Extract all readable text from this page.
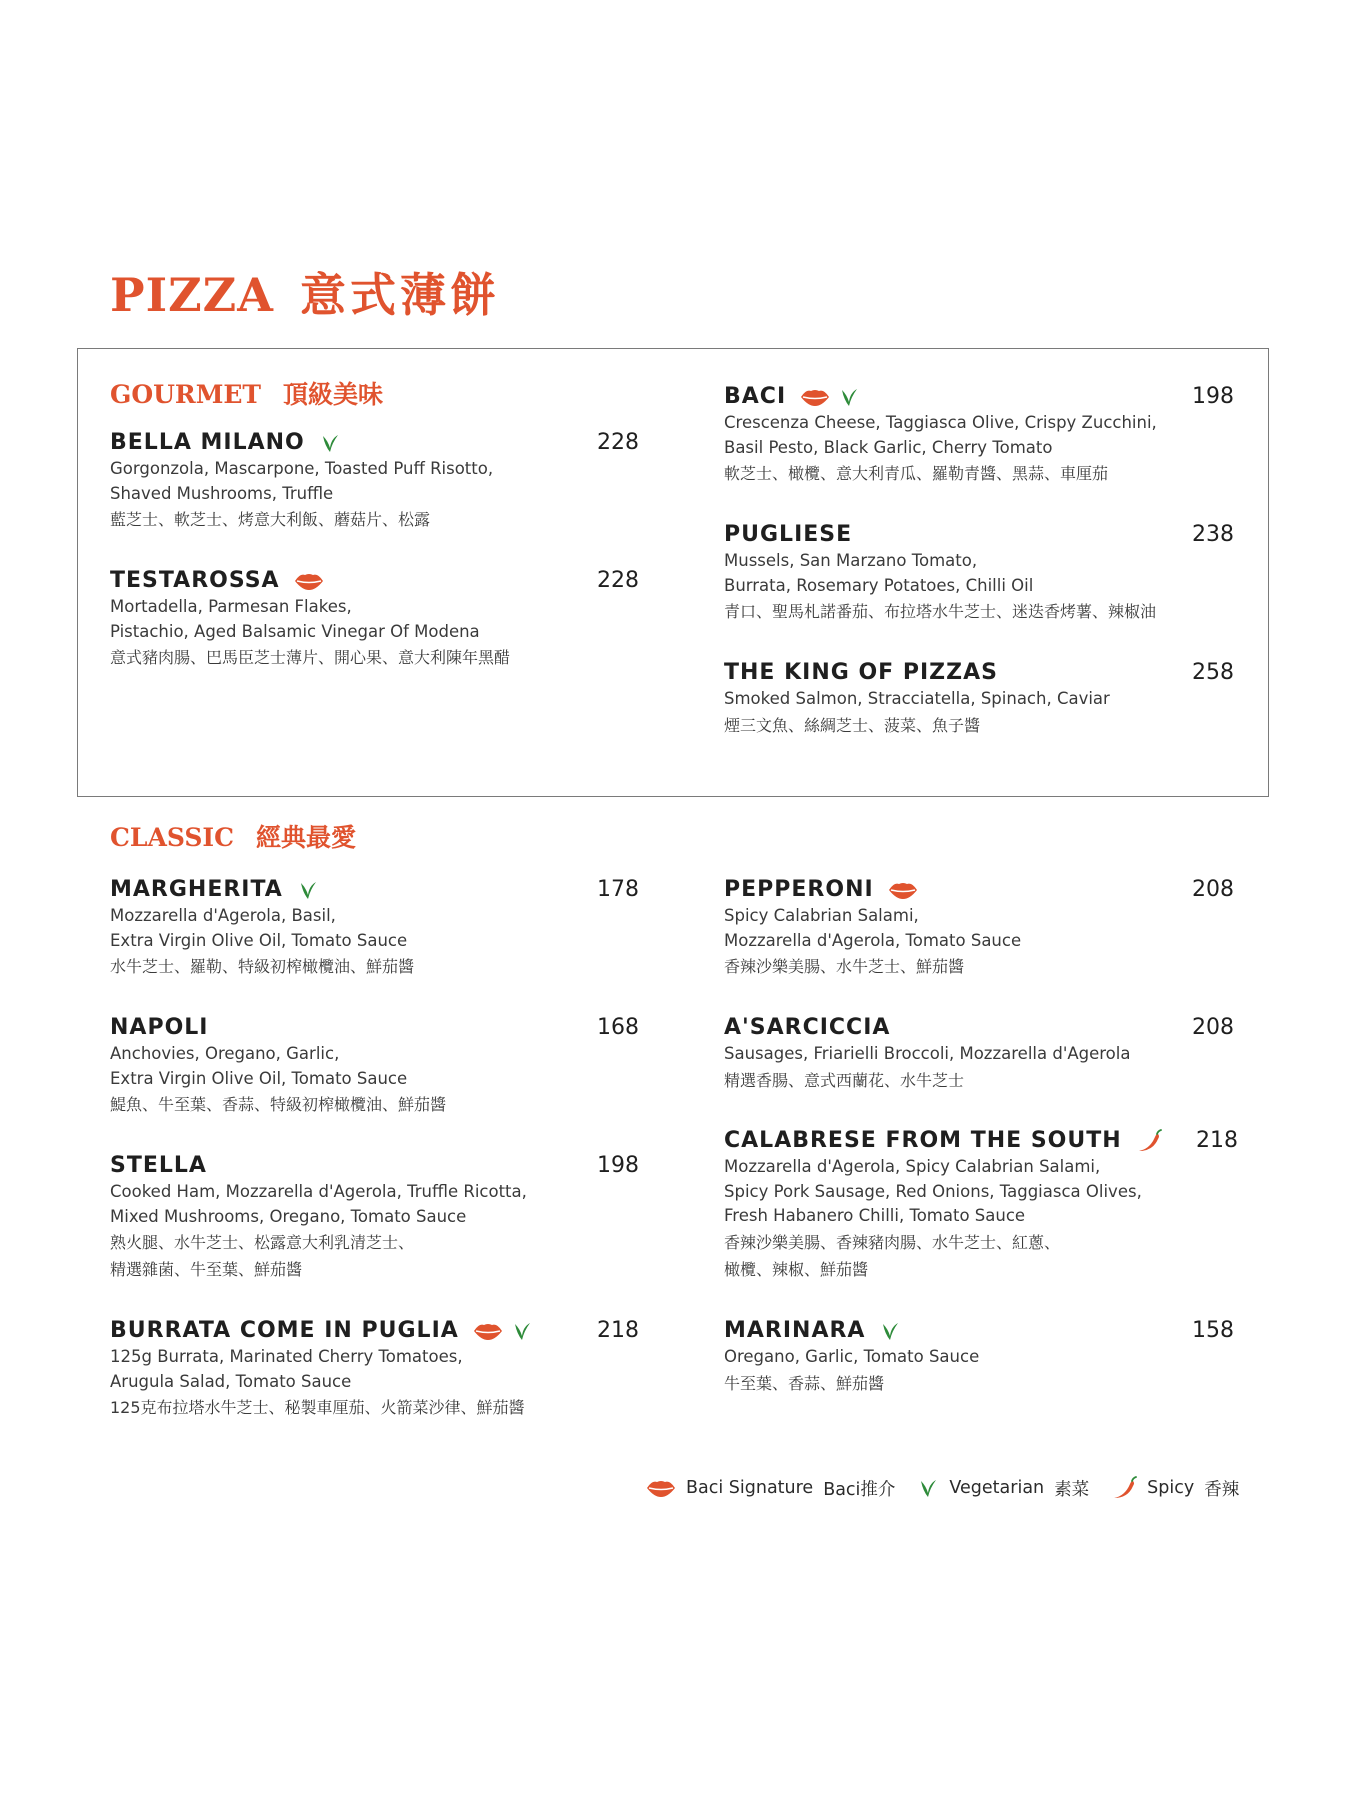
PIZZA 意式薄餅
GOURMET 頂級美味
BELLA MILANO	228

Gorgonzola, Mascarpone, Toasted Puff Risotto,

Shaved Mushrooms, Truffle

藍芝士、軟芝士、烤意大利飯、蘑菇片、松露

TESTAROSSA	228

Mortadella, Parmesan Flakes,

Pistachio, Aged Balsamic Vinegar Of Modena

意式豬肉腸、巴馬臣芝士薄片、開心果、意大利陳年黑醋

BACI	198

Crescenza Cheese, Taggiasca Olive, Crispy Zucchini,

Basil Pesto, Black Garlic, Cherry Tomato

軟芝士、橄欖、意大利青瓜、羅勒青醬、黑蒜、車厘茄

PUGLIESE	238

Mussels, San Marzano Tomato,

Burrata, Rosemary Potatoes, Chilli Oil

青口、聖馬札諾番茄、布拉塔水牛芝士、迷迭香烤薯、辣椒油

THE KING OF PIZZAS	258

Smoked Salmon, Stracciatella, Spinach, Caviar

煙三文魚、絲綢芝士、菠菜、魚子醬

CLASSIC 經典最愛
MARGHERITA	178

Mozzarella d'Agerola, Basil,

Extra Virgin Olive Oil, Tomato Sauce

水牛芝士、羅勒、特級初榨橄欖油、鮮茄醬

NAPOLI	168

Anchovies, Oregano, Garlic,

Extra Virgin Olive Oil, Tomato Sauce

鯷魚、牛至葉、香蒜、特級初榨橄欖油、鮮茄醬

STELLA	198

Cooked Ham, Mozzarella d'Agerola, Truffle Ricotta,

Mixed Mushrooms, Oregano, Tomato Sauce

熟火腿、水牛芝士、松露意大利乳清芝士、

精選雜菌、牛至葉、鮮茄醬

BURRATA COME IN PUGLIA	218

125g Burrata, Marinated Cherry Tomatoes,

Arugula Salad, Tomato Sauce

125克布拉塔水牛芝士、秘製車厘茄、火箭菜沙律、鮮茄醬

PEPPERONI	208

Spicy Calabrian Salami,

Mozzarella d'Agerola, Tomato Sauce

香辣沙樂美腸、水牛芝士、鮮茄醬

A'SARCICCIA	208

Sausages, Friarielli Broccoli, Mozzarella d'Agerola

精選香腸、意式西蘭花、水牛芝士

CALABRESE FROM THE SOUTH	218

Mozzarella d'Agerola, Spicy Calabrian Salami,

Spicy Pork Sausage, Red Onions, Taggiasca Olives,

Fresh Habanero Chilli, Tomato Sauce

香辣沙樂美腸、香辣豬肉腸、水牛芝士、紅蔥、

橄欖、辣椒、鮮茄醬

MARINARA	158

Oregano, Garlic, Tomato Sauce

牛至葉、香蒜、鮮茄醬

Baci Signature Baci推介	Vegetarian 素菜	Spicy 香辣
